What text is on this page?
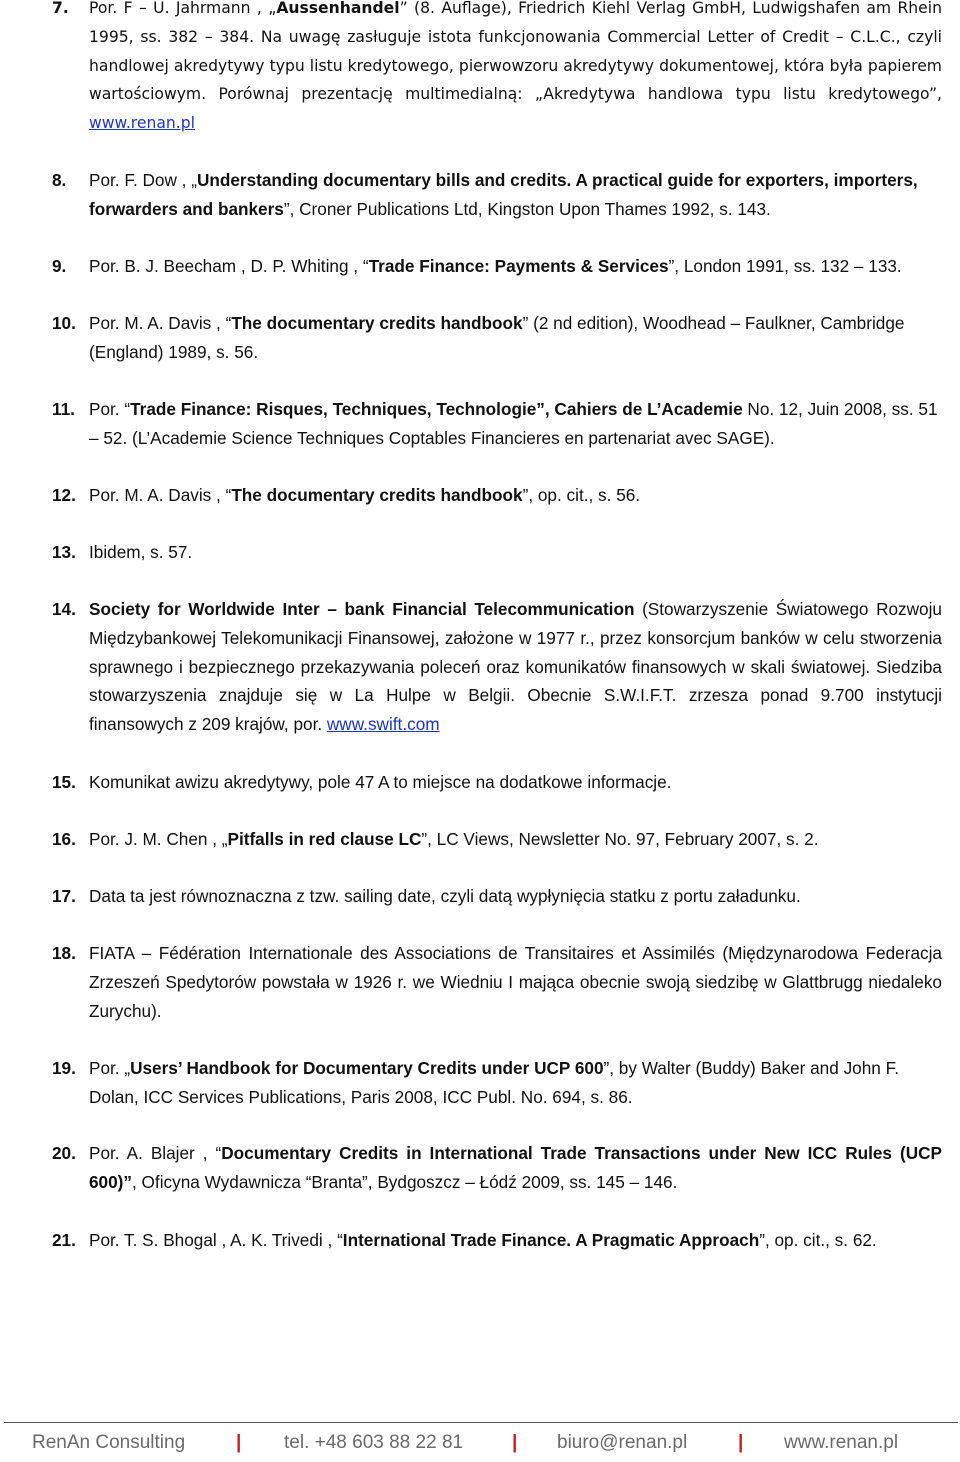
7. Por. F – U. Jahrmann , „Aussenhandel” (8. Auflage), Friedrich Kiehl Verlag GmbH, Ludwigshafen am Rhein 1995, ss. 382 – 384. Na uwagę zasługuje istota funkcjonowania Commercial Letter of Credit – C.L.C., czyli handlowej akredytywy typu listu kredytowego, pierwowzoru akredytywy dokumentowej, która była papierem wartościowym. Porównaj prezentację multimedialną: „Akredytywa handlowa typu listu kredytowego”, www.renan.pl
8. Por. F. Dow , „Understanding documentary bills and credits. A practical guide for exporters, importers, forwarders and bankers”, Croner Publications Ltd, Kingston Upon Thames 1992, s. 143.
9. Por. B. J. Beecham , D. P. Whiting , “Trade Finance: Payments & Services”, London 1991, ss. 132 – 133.
10. Por. M. A. Davis , “The documentary credits handbook” (2 nd edition), Woodhead – Faulkner, Cambridge (England) 1989, s. 56.
11. Por. “Trade Finance: Risques, Techniques, Technologie”, Cahiers de L’Academie No. 12, Juin 2008, ss. 51 – 52. (L’Academie Science Techniques Coptables Financieres en partenariat avec SAGE).
12. Por. M. A. Davis , “The documentary credits handbook”, op. cit., s. 56.
13. Ibidem, s. 57.
14. Society for Worldwide Inter – bank Financial Telecommunication (Stowarzyszenie Światowego Rozwoju Międzybankowej Telekomunikacji Finansowej, założone w 1977 r., przez konsorcjum banków w celu stworzenia sprawnego i bezpiecznego przekazywania poleceń oraz komunikatów finansowych w skali światowej. Siedziba stowarzyszenia znajduje się w La Hulpe w Belgii. Obecnie S.W.I.F.T. zrzesza ponad 9.700 instytucji finansowych z 209 krajów, por. www.swift.com
15. Komunikat awizu akredytywy, pole 47 A to miejsce na dodatkowe informacje.
16. Por. J. M. Chen , „Pitfalls in red clause LC”, LC Views, Newsletter No. 97, February 2007, s. 2.
17. Data ta jest równoznaczna z tzw. sailing date, czyli datą wypłynięcia statku z portu załadunku.
18. FIATA – Fédération Internationale des Associations de Transitaires et Assimilés (Międzynarodowa Federacja Zrzeszeń Spedytorów powstała w 1926 r. we Wiedniu I mająca obecnie swoją siedzibę w Glattbrugg niedaleko Zurychu).
19. Por. „Users’ Handbook for Documentary Credits under UCP 600”, by Walter (Buddy) Baker and John F. Dolan, ICC Services Publications, Paris 2008, ICC Publ. No. 694, s. 86.
20. Por. A. Blajer , “Documentary Credits in International Trade Transactions under New ICC Rules (UCP 600)”, Oficyna Wydawnicza “Branta”, Bydgoszcz – Łódź 2009, ss. 145 – 146.
21. Por. T. S. Bhogal , A. K. Trivedi , “International Trade Finance. A Pragmatic Approach”, op. cit., s. 62.
RenAn Consulting	| tel. +48 603 88 22 81	| biuro@renan.pl	| www.renan.pl
